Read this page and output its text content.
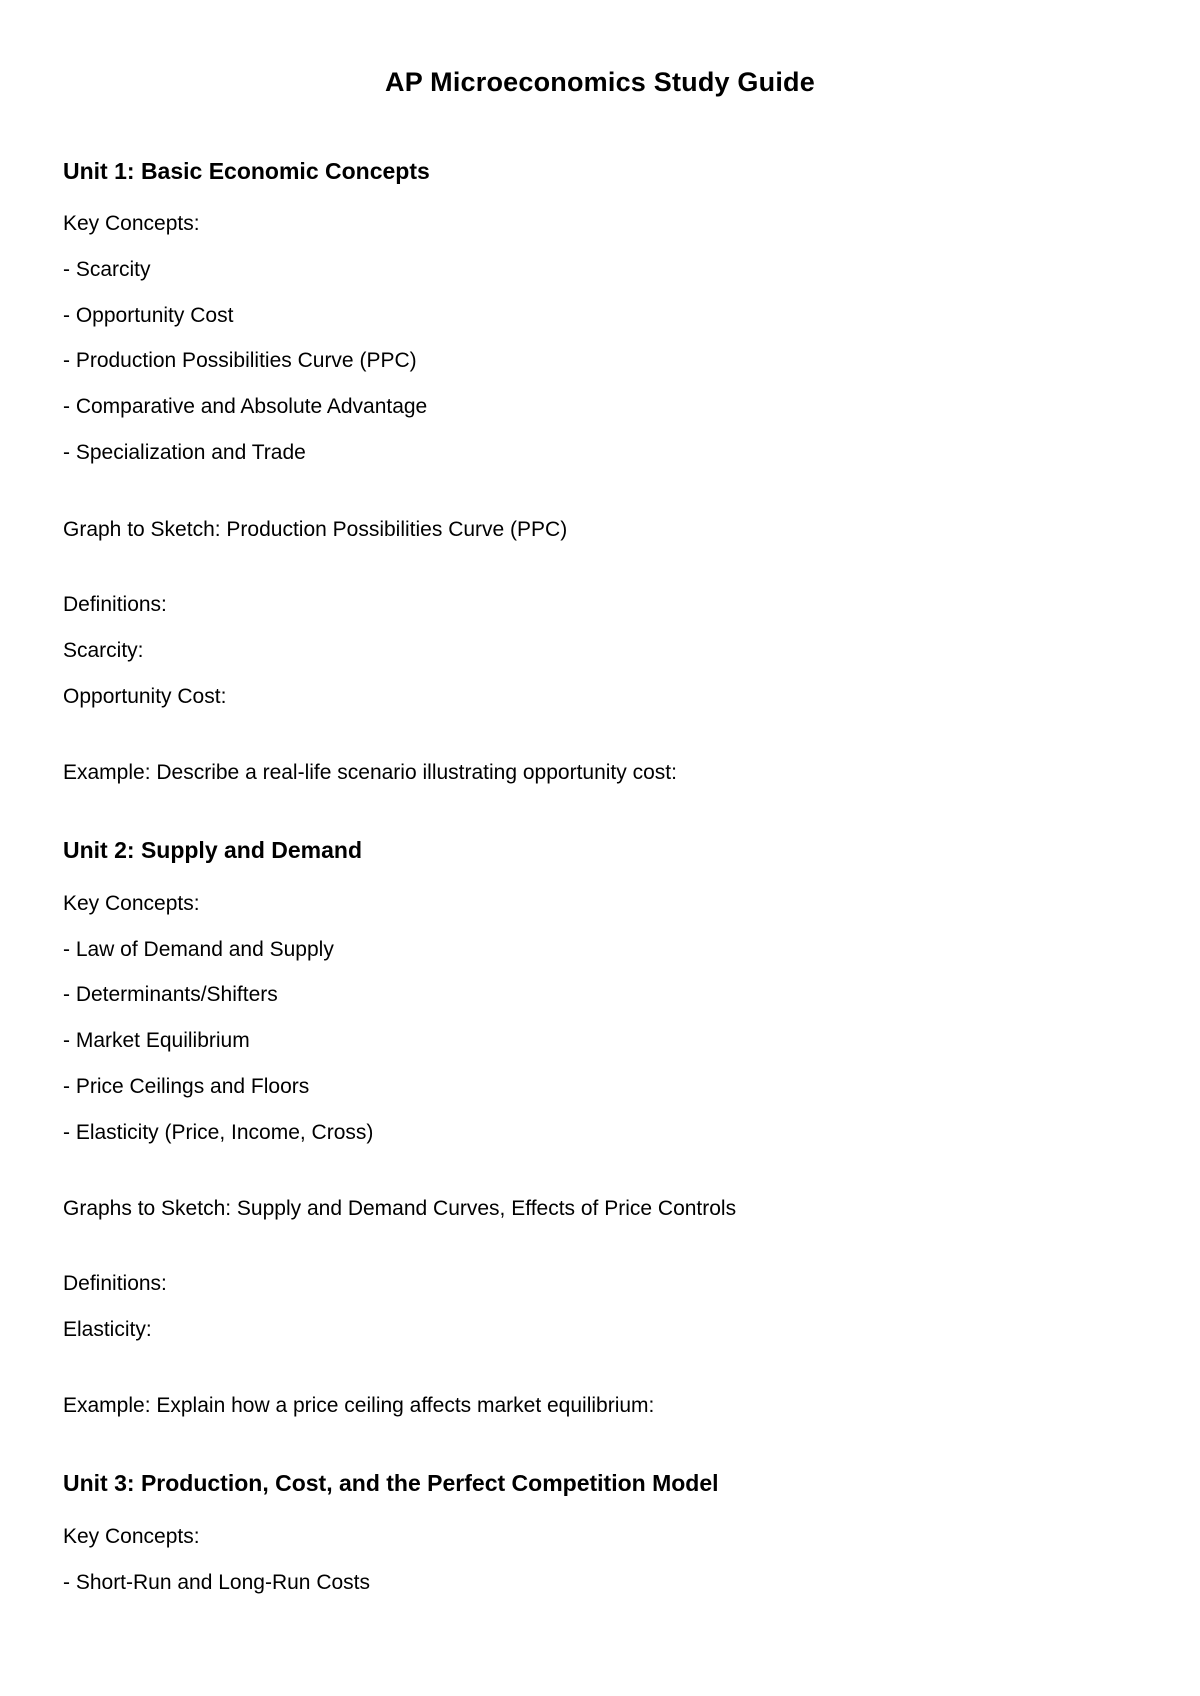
AP Microeconomics Study Guide
Unit 1: Basic Economic Concepts
Key Concepts:
- Scarcity
- Opportunity Cost
- Production Possibilities Curve (PPC)
- Comparative and Absolute Advantage
- Specialization and Trade
Graph to Sketch: Production Possibilities Curve (PPC)
Definitions:
Scarcity:
Opportunity Cost:
Example: Describe a real-life scenario illustrating opportunity cost:
Unit 2: Supply and Demand
Key Concepts:
- Law of Demand and Supply
- Determinants/Shifters
- Market Equilibrium
- Price Ceilings and Floors
- Elasticity (Price, Income, Cross)
Graphs to Sketch: Supply and Demand Curves, Effects of Price Controls
Definitions:
Elasticity:
Example: Explain how a price ceiling affects market equilibrium:
Unit 3: Production, Cost, and the Perfect Competition Model
Key Concepts:
- Short-Run and Long-Run Costs
